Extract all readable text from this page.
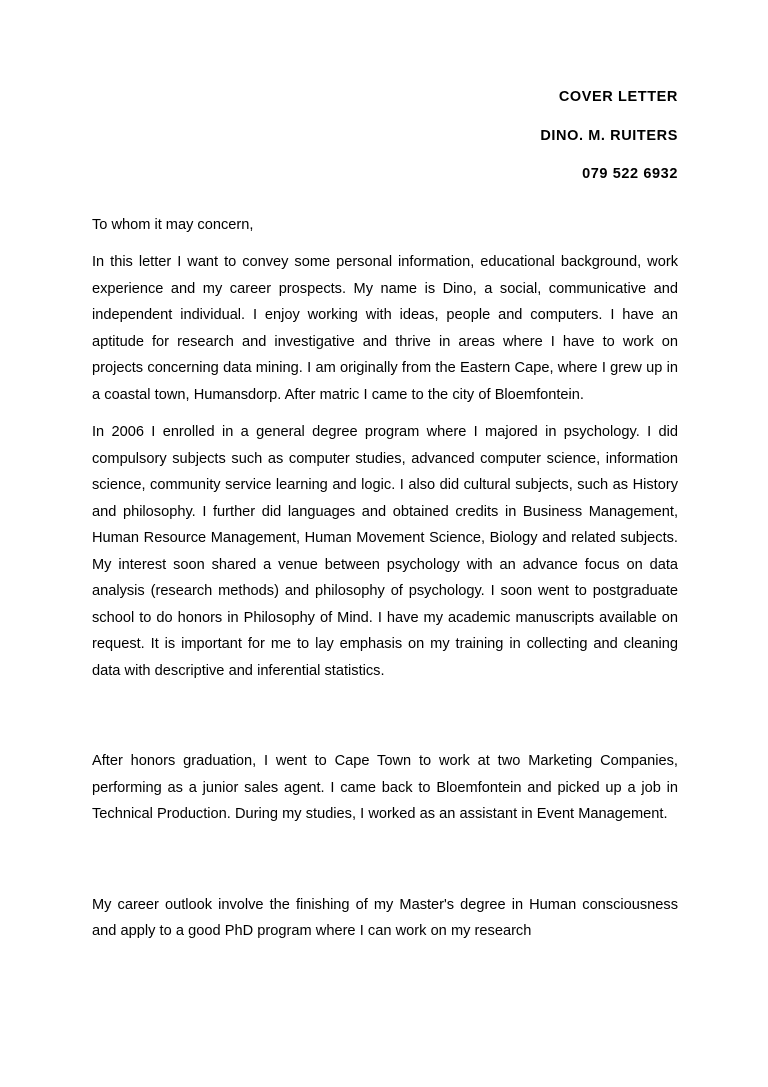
COVER LETTER

DINO. M. RUITERS

079 522 6932

To whom it may concern,

In this letter I want to convey some personal information, educational background, work experience and my career prospects. My name is Dino, a social, communicative and independent individual. I enjoy working with ideas, people and computers. I have an aptitude for research and investigative and thrive in areas where I have to work on projects concerning data mining. I am originally from the Eastern Cape, where I grew up in a coastal town, Humansdorp. After matric I came to the city of Bloemfontein.

In 2006 I enrolled in a general degree program where I majored in psychology. I did compulsory subjects such as computer studies, advanced computer science, information science, community service learning and logic. I also did cultural subjects, such as History and philosophy. I further did languages and obtained credits in Business Management, Human Resource Management, Human Movement Science, Biology and related subjects. My interest soon shared a venue between psychology with an advance focus on data analysis (research methods) and philosophy of psychology. I soon went to postgraduate school to do honors in Philosophy of Mind. I have my academic manuscripts available on request. It is important for me to lay emphasis on my training in collecting and cleaning data with descriptive and inferential statistics.

After honors graduation, I went to Cape Town to work at two Marketing Companies, performing as a junior sales agent. I came back to Bloemfontein and picked up a job in Technical Production. During my studies, I worked as an assistant in Event Management.

My career outlook involve the finishing of my Master's degree in Human consciousness and apply to a good PhD program where I can work on my research
